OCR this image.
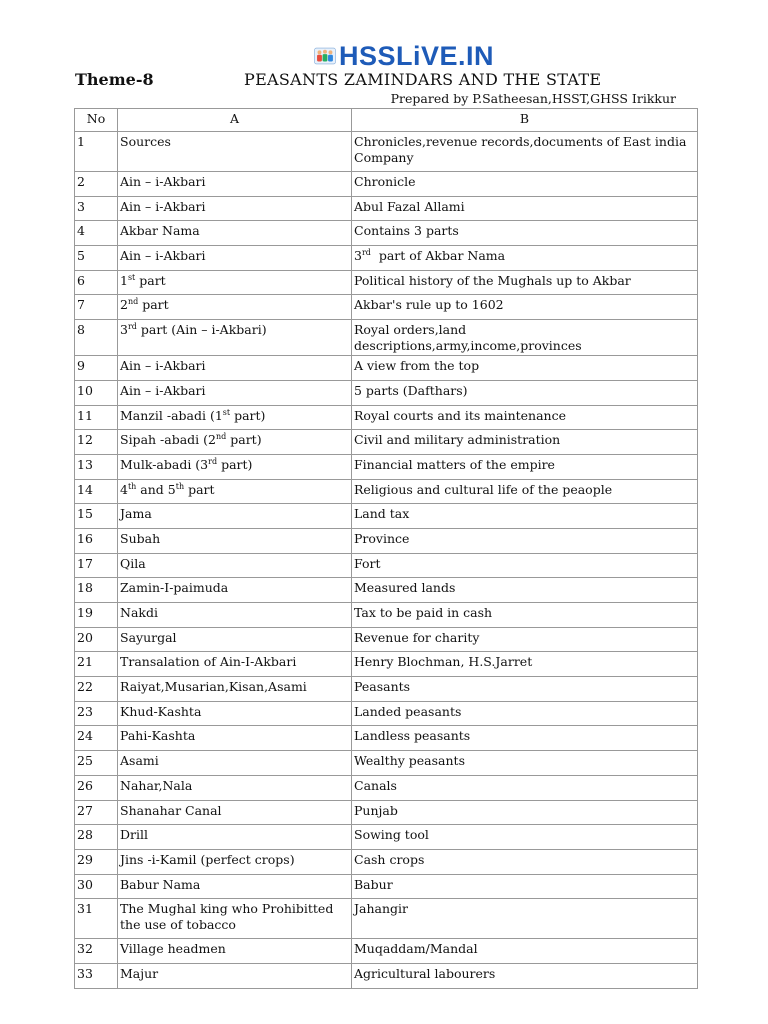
HSSLiVE.IN
Theme-8	PEASANTS ZAMINDARS AND THE STATE
Prepared by P.Satheesan,HSST,GHSS Irikkur
No	A	B
1	Sources	Chronicles,revenue records,documents of East india Company
2	Ain – i-Akbari	Chronicle
3	Ain – i-Akbari	Abul Fazal Allami
4	Akbar Nama	Contains 3 parts
5	Ain – i-Akbari	3rd  part of Akbar Nama
6	1st part	Political history of the Mughals up to Akbar
7	2nd part	Akbar's rule up to 1602
8	3rd part (Ain – i-Akbari)	Royal orders,land descriptions,army,income,provinces
9	Ain – i-Akbari	A view from the top
10	Ain – i-Akbari	5 parts (Dafthars)
11	Manzil -abadi (1st part)	Royal courts and its maintenance
12	Sipah -abadi (2nd part)	Civil and military administration
13	Mulk-abadi (3rd part)	Financial matters of the empire
14	4th and 5th part	Religious and cultural life of the peaople
15	Jama	Land tax
16	Subah	Province
17	Qila	Fort
18	Zamin-I-paimuda	Measured lands
19	Nakdi	Tax to be paid in cash
20	Sayurgal	Revenue for charity
21	Transalation of Ain-I-Akbari	Henry Blochman, H.S.Jarret
22	Raiyat,Musarian,Kisan,Asami	Peasants
23	Khud-Kashta	Landed peasants
24	Pahi-Kashta	Landless peasants
25	Asami	Wealthy peasants
26	Nahar,Nala	Canals
27	Shanahar Canal	Punjab
28	Drill	Sowing tool
29	Jins -i-Kamil (perfect crops)	Cash crops
30	Babur Nama	Babur
31	The Mughal king who Prohibitted the use of tobacco	Jahangir
32	Village headmen	Muqaddam/Mandal
33	Majur	Agricultural labourers
